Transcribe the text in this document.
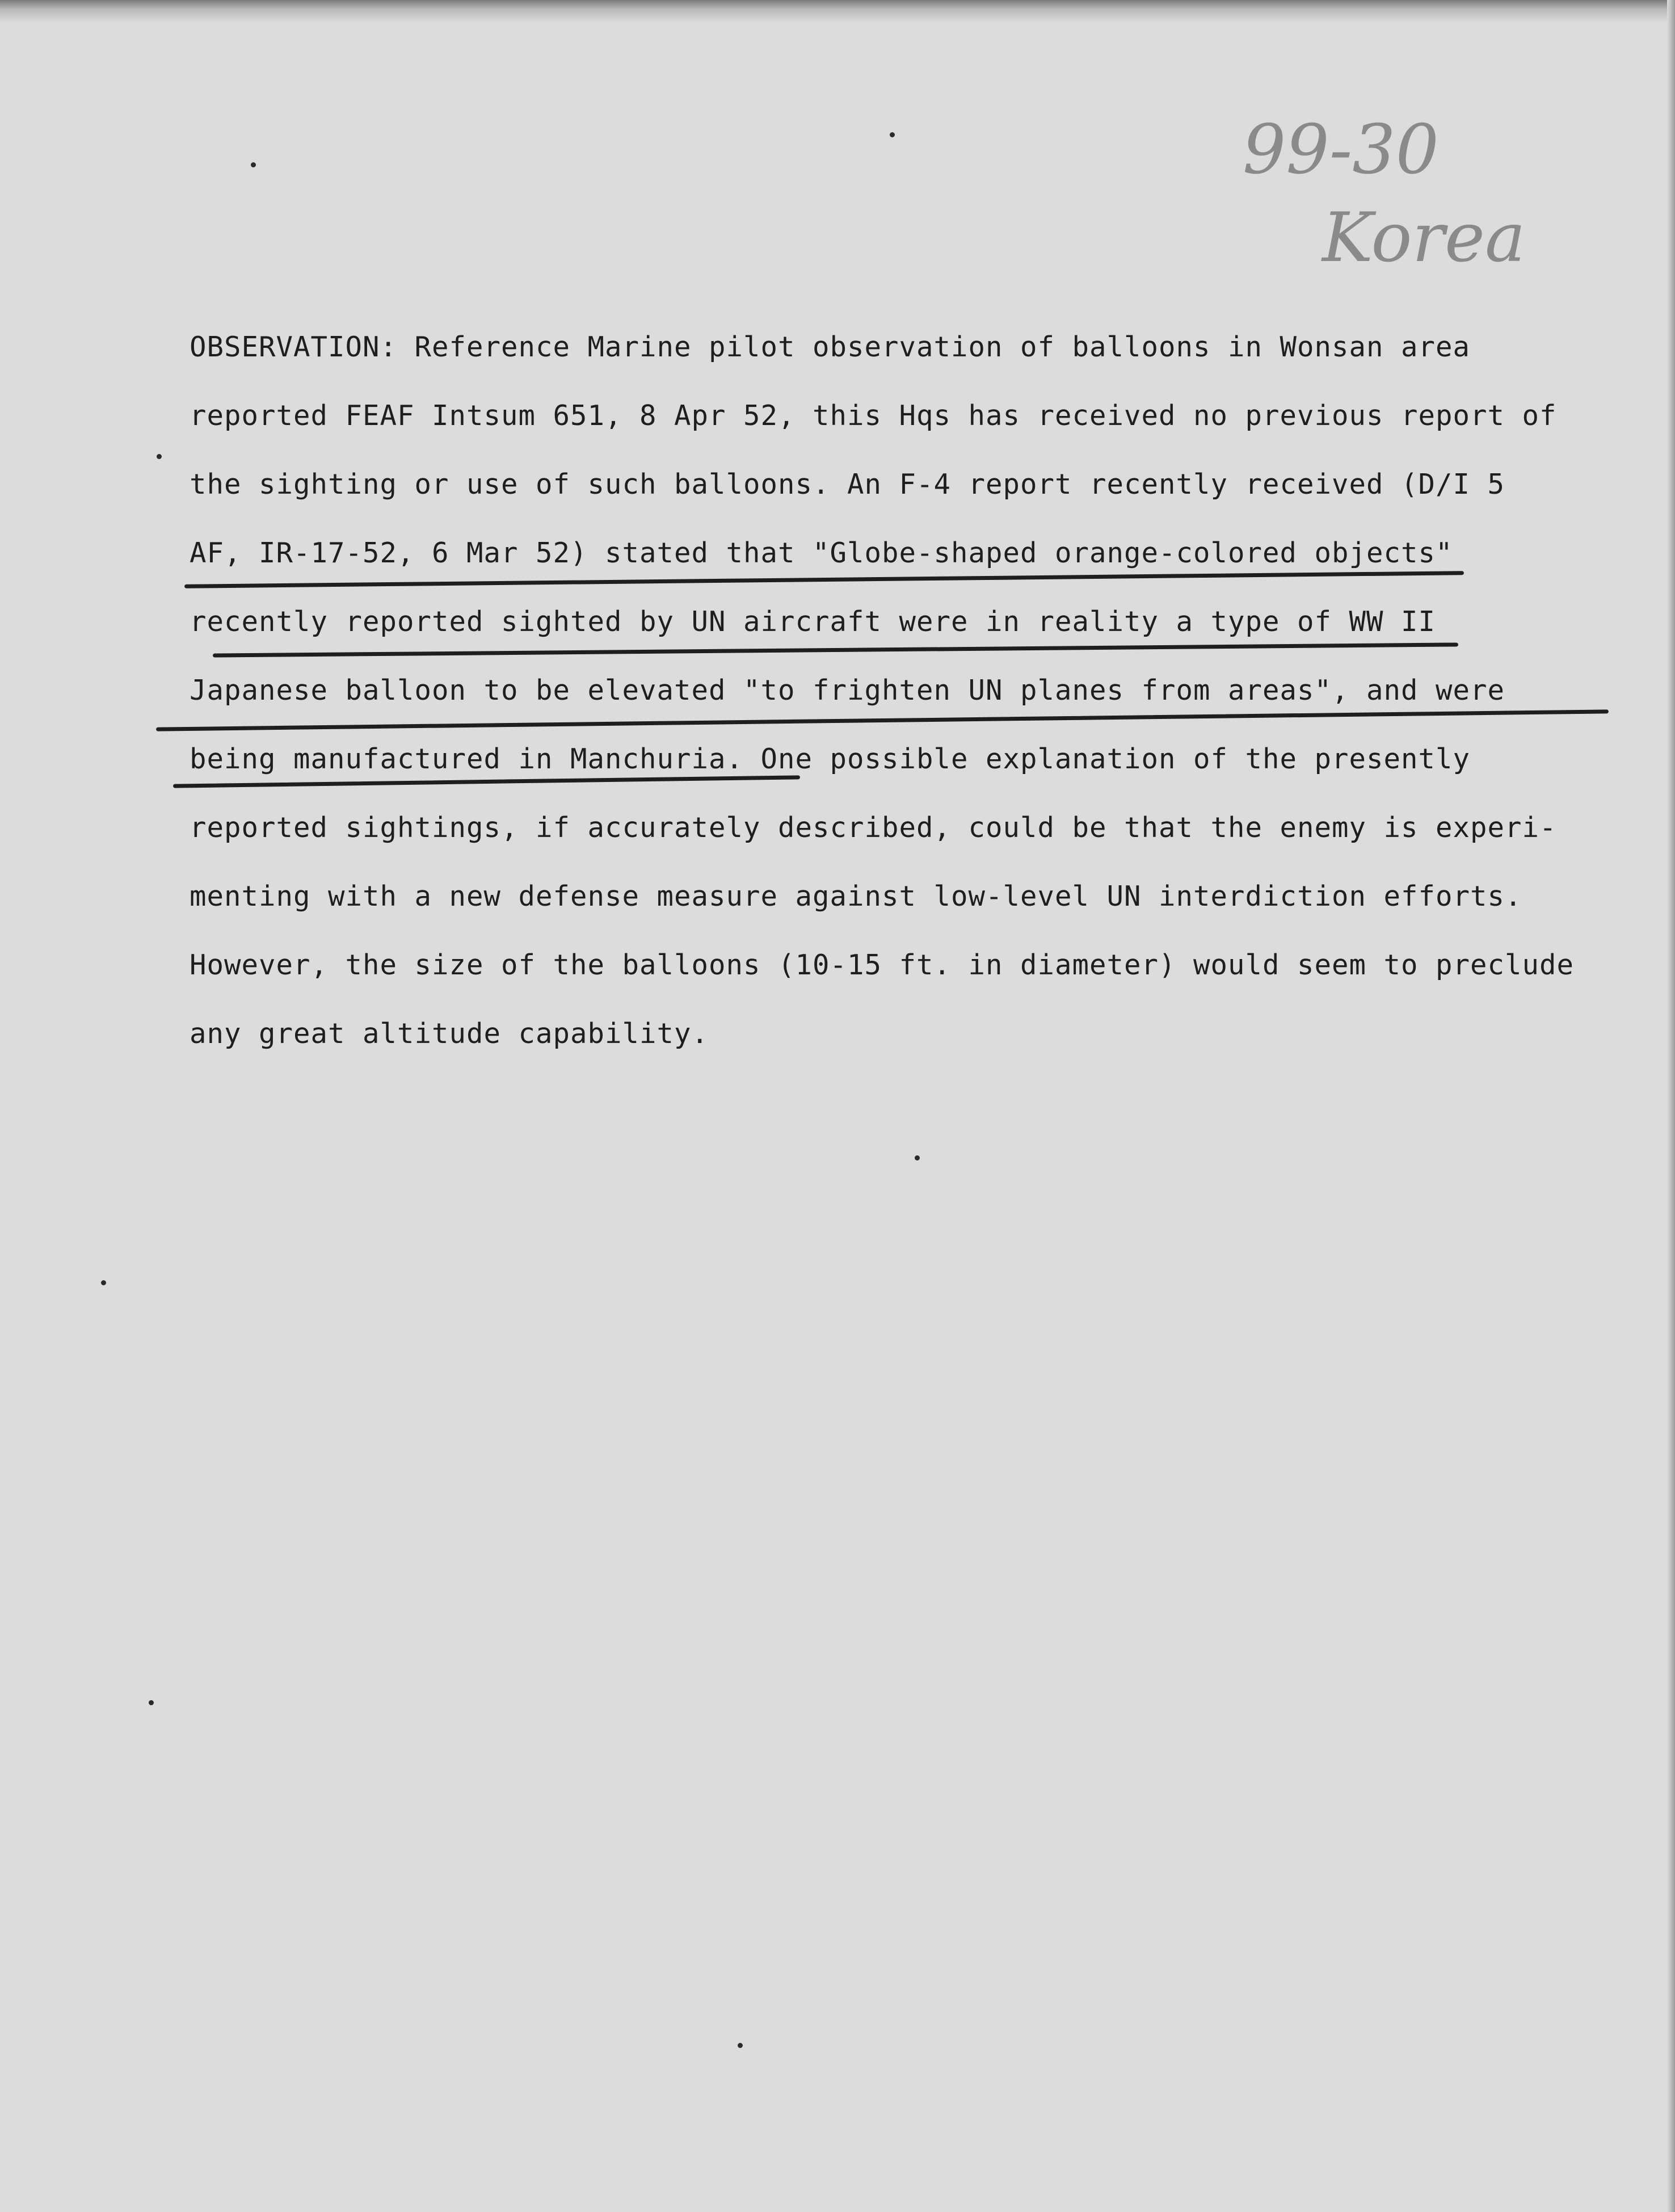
99-30
Korea
OBSERVATION: Reference Marine pilot observation of balloons in Wonsan area
reported FEAF Intsum 651, 8 Apr 52, this Hqs has received no previous report of
the sighting or use of such balloons. An F-4 report recently received (D/I 5
AF, IR-17-52, 6 Mar 52) stated that "Globe-shaped orange-colored objects"
recently reported sighted by UN aircraft were in reality a type of WW II
Japanese balloon to be elevated "to frighten UN planes from areas", and were
being manufactured in Manchuria. One possible explanation of the presently
reported sightings, if accurately described, could be that the enemy is experi-
menting with a new defense measure against low-level UN interdiction efforts.
However, the size of the balloons (10-15 ft. in diameter) would seem to preclude
any great altitude capability.
